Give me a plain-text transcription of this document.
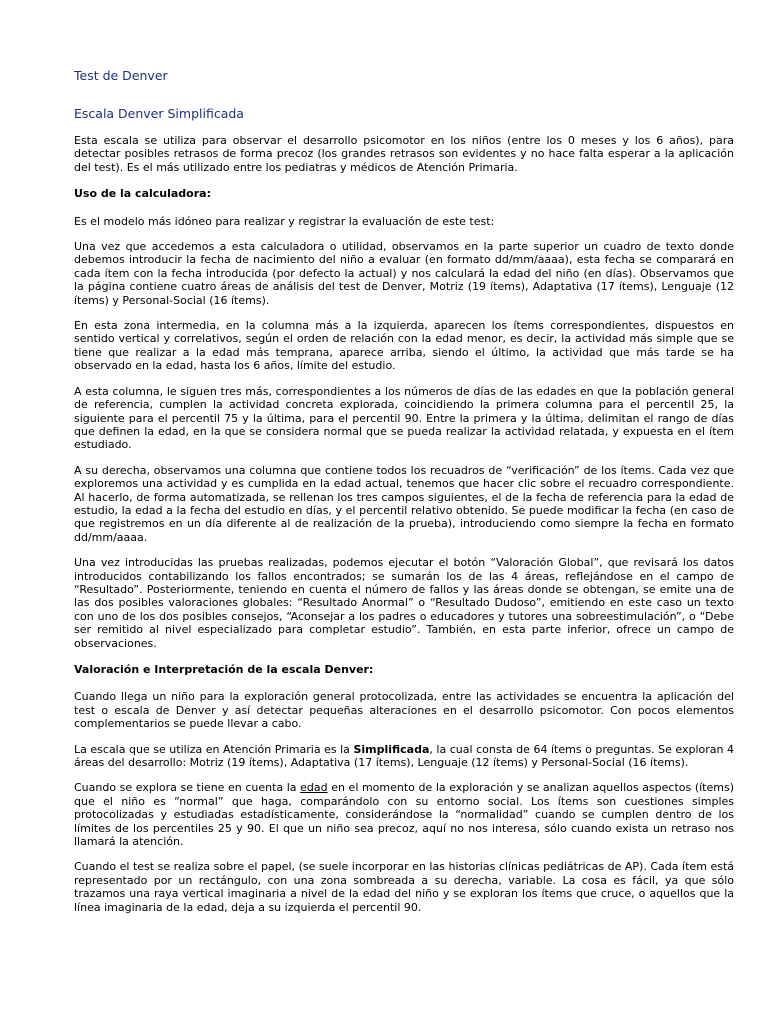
Test de Denver
Escala Denver Simplificada

Esta escala se utiliza para observar el desarrollo psicomotor en los niños (entre los 0 meses y los 6 años), para detectar posibles retrasos de forma precoz (los grandes retrasos son evidentes y no hace falta esperar a la aplicación del test). Es el más utilizado entre los pediatras y médicos de Atención Primaria.

Uso de la calculadora:

Es el modelo más idóneo para realizar y registrar la evaluación de este test:

Una vez que accedemos a esta calculadora o utilidad, observamos en la parte superior un cuadro de texto donde debemos introducir la fecha de nacimiento del niño a evaluar (en formato dd/mm/aaaa), esta fecha se comparará en cada ítem con la fecha introducida (por defecto la actual) y nos calculará la edad del niño (en días). Observamos que la página contiene cuatro áreas de análisis del test de Denver, Motriz (19 ítems), Adaptativa (17 ítems), Lenguaje (12 ítems) y Personal-Social (16 ítems).

En esta zona intermedia, en la columna más a la izquierda, aparecen los ítems correspondientes, dispuestos en sentido vertical y correlativos, según el orden de relación con la edad menor, es decir, la actividad más simple que se tiene que realizar a la edad más temprana, aparece arriba, siendo el último, la actividad que más tarde se ha observado en la edad, hasta los 6 años, límite del estudio.

A esta columna, le siguen tres más, correspondientes a los números de días de las edades en que la población general de referencia, cumplen la actividad concreta explorada, coincidiendo la primera columna para el percentil 25, la siguiente para el percentil 75 y la última, para el percentil 90. Entre la primera y la última, delimitan el rango de días que definen la edad, en la que se considera normal que se pueda realizar la actividad relatada, y expuesta en el ítem estudiado.

A su derecha, observamos una columna que contiene todos los recuadros de “verificación” de los ítems. Cada vez que exploremos una actividad y es cumplida en la edad actual, tenemos que hacer clic sobre el recuadro correspondiente. Al hacerlo, de forma automatizada, se rellenan los tres campos siguientes, el de la fecha de referencia para la edad de estudio, la edad a la fecha del estudio en días, y el percentil relativo obtenido. Se puede modificar la fecha (en caso de que registremos en un día diferente al de realización de la prueba), introduciendo como siempre la fecha en formato dd/mm/aaaa.

Una vez introducidas las pruebas realizadas, podemos ejecutar el botón “Valoración Global”, que revisará los datos introducidos contabilizando los fallos encontrados; se sumarán los de las 4 áreas, reflejándose en el campo de “Resultado”. Posteriormente, teniendo en cuenta el número de fallos y las áreas donde se obtengan, se emite una de las dos posibles valoraciones globales: “Resultado Anormal” o “Resultado Dudoso”, emitiendo en este caso un texto con uno de los dos posibles consejos, “Aconsejar a los padres o educadores y tutores una sobreestimulación”, o “Debe ser remitido al nivel especializado para completar estudio”. También, en esta parte inferior, ofrece un campo de observaciones.

Valoración e Interpretación de la escala Denver:

Cuando llega un niño para la exploración general protocolizada, entre las actividades se encuentra la aplicación del test o escala de Denver y así detectar pequeñas alteraciones en el desarrollo psicomotor. Con pocos elementos complementarios se puede llevar a cabo.

La escala que se utiliza en Atención Primaria es la Simplificada, la cual consta de 64 ítems o preguntas. Se exploran 4 áreas del desarrollo: Motriz (19 ítems), Adaptativa (17 ítems), Lenguaje (12 ítems) y Personal-Social (16 ítems).

Cuando se explora se tiene en cuenta la edad en el momento de la exploración y se analizan aquellos aspectos (ítems) que el niño es “normal” que haga, comparándolo con su entorno social. Los ítems son cuestiones simples protocolizadas y estudiadas estadísticamente, considerándose la “normalidad” cuando se cumplen dentro de los límites de los percentiles 25 y 90. El que un niño sea precoz, aquí no nos interesa, sólo cuando exista un retraso nos llamará la atención.

Cuando el test se realiza sobre el papel, (se suele incorporar en las historias clínicas pediátricas de AP). Cada ítem está representado por un rectángulo, con una zona sombreada a su derecha, variable. La cosa es fácil, ya que sólo trazamos una raya vertical imaginaria a nivel de la edad del niño y se exploran los ítems que cruce, o aquellos que la línea imaginaria de la edad, deja a su izquierda el percentil 90.
